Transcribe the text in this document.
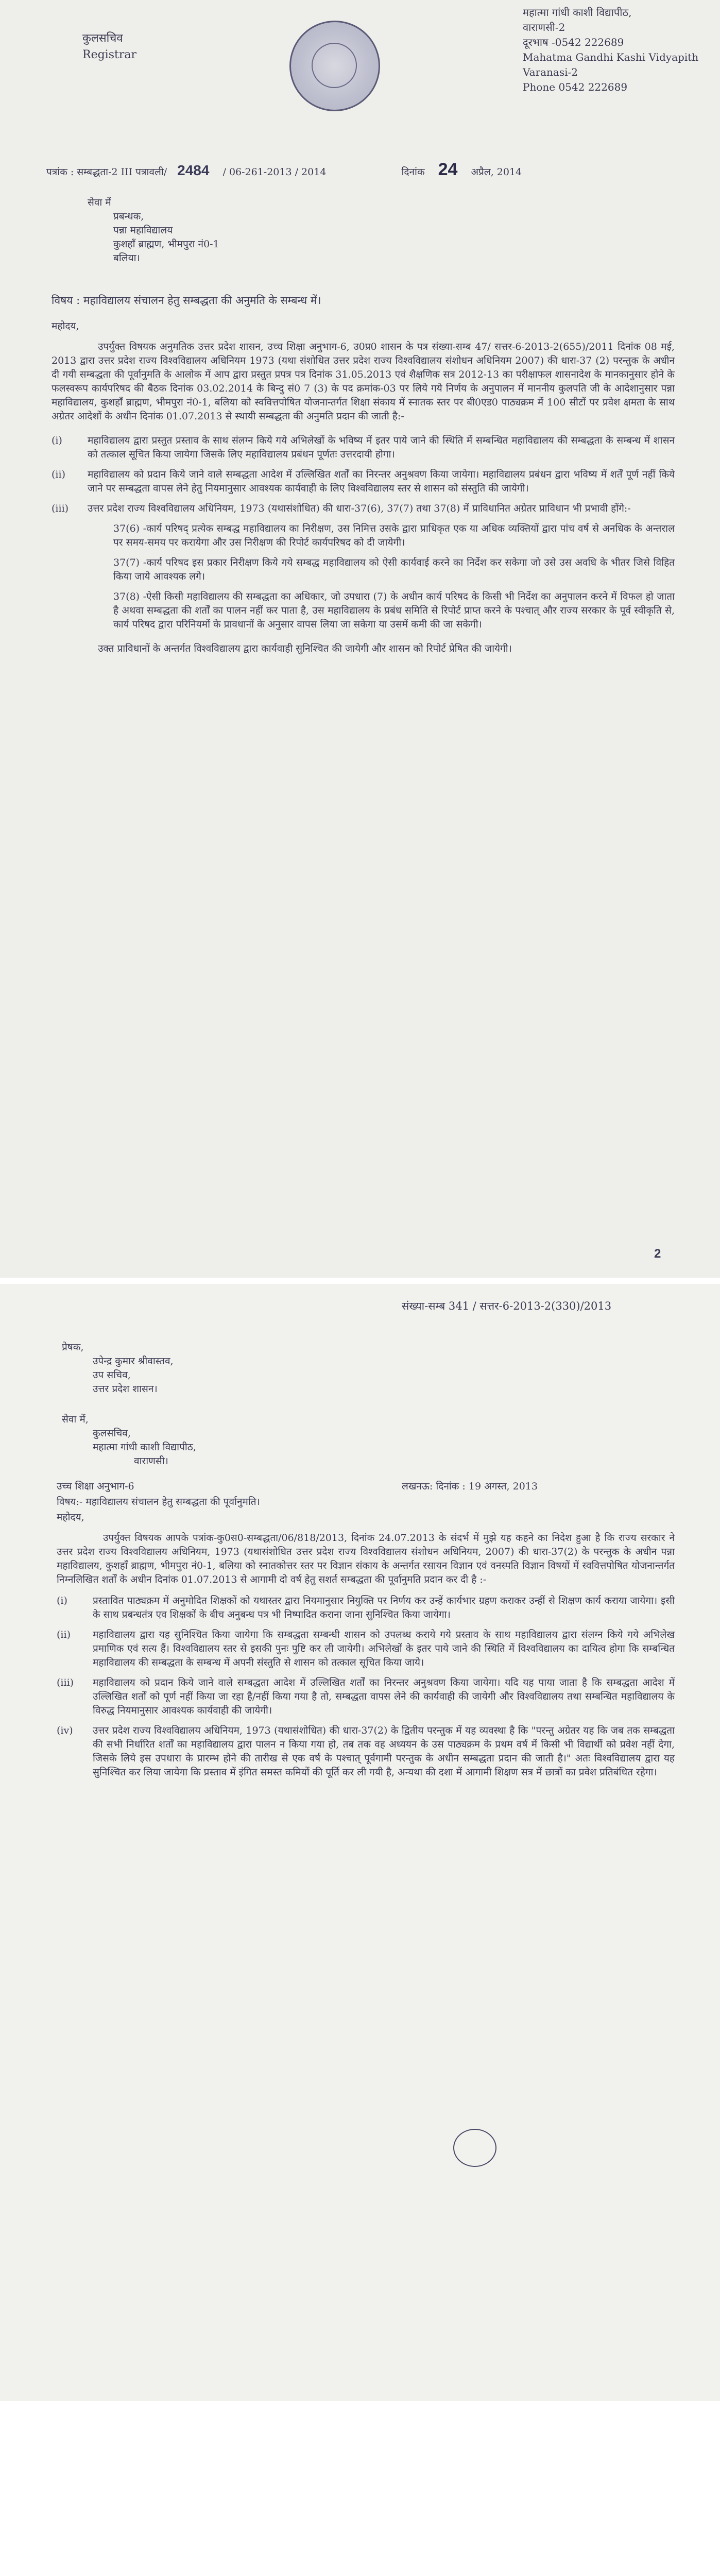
कुलसचिव
Registrar
महात्मा गांधी काशी विद्यापीठ,
वाराणसी-2
दूरभाष -0542 222689
Mahatma Gandhi Kashi Vidyapith
Varanasi-2
Phone 0542 222689
पत्रांक : सम्बद्धता-2 III पत्रावली/ 2484 / 06-261-2013 / 2014	दिनांक 24 अप्रैल, 2014
सेवा में
प्रबन्धक,
पन्ना महाविद्यालय
कुशहाँ ब्राह्मण, भीमपुरा नं0-1
बलिया।
विषय : महाविद्यालय संचालन हेतु सम्बद्धता की अनुमति के सम्बन्ध में।
महोदय,

उपर्युक्त विषयक अनुमतिक उत्तर प्रदेश शासन, उच्च शिक्षा अनुभाग-6, उ0प्र0 शासन के पत्र संख्या-सम्ब 47/ सत्तर-6-2013-2(655)/2011 दिनांक 08 मई, 2013 द्वारा उत्तर प्रदेश राज्य विश्वविद्यालय अधिनियम 1973 (यथा संशोधित उत्तर प्रदेश राज्य विश्वविद्यालय संशोधन अधिनियम 2007) की धारा-37 (2) परन्तुक के अधीन दी गयी सम्बद्धता की पूर्वानुमति के आलोक में आप द्वारा प्रस्तुत प्रपत्र पत्र दिनांक 31.05.2013 एवं शैक्षणिक सत्र 2012-13 का परीक्षाफल शासनादेश के मानकानुसार होने के फलस्वरूप कार्यपरिषद की बैठक दिनांक 03.02.2014 के बिन्दु सं0 7 (3) के पद क्रमांक-03 पर लिये गये निर्णय के अनुपालन में माननीय कुलपति जी के आदेशानुसार पन्ना महाविद्यालय, कुशहाँ ब्राह्मण, भीमपुरा नं0-1, बलिया को स्ववित्तपोषित योजनान्तर्गत शिक्षा संकाय में स्नातक स्तर पर बी0एड0 पाठ्यक्रम में 100 सीटों पर प्रवेश क्षमता के साथ अग्रेतर आदेशों के अधीन दिनांक 01.07.2013 से स्थायी सम्बद्धता की अनुमति प्रदान की जाती है:-

(i)	महाविद्यालय द्वारा प्रस्तुत प्रस्ताव के साथ संलग्न किये गये अभिलेखों के भविष्य में इतर पाये जाने की स्थिति में सम्बन्धित महाविद्यालय की सम्बद्धता के सम्बन्ध में शासन को तत्काल सूचित किया जायेगा जिसके लिए महाविद्यालय प्रबंधन पूर्णतः उत्तरदायी होगा।
(ii)	महाविद्यालय को प्रदान किये जाने वाले सम्बद्धता आदेश में उल्लिखित शर्तों का निरन्तर अनुश्रवण किया जायेगा। महाविद्यालय प्रबंधन द्वारा भविष्य में शर्तें पूर्ण नहीं किये जाने पर सम्बद्धता वापस लेने हेतु नियमानुसार आवश्यक कार्यवाही के लिए विश्वविद्यालय स्तर से शासन को संस्तुति की जायेगी।
(iii)	उत्तर प्रदेश राज्य विश्वविद्यालय अधिनियम, 1973 (यथासंशोधित) की धारा-37(6), 37(7) तथा 37(8) में प्राविधानित अग्रेतर प्राविधान भी प्रभावी होंगे:-

37(6) -कार्य परिषद् प्रत्येक सम्बद्ध महाविद्यालय का निरीक्षण, उस निमित्त उसके द्वारा प्राधिकृत एक या अधिक व्यक्तियों द्वारा पांच वर्ष से अनधिक के अन्तराल पर समय-समय पर करायेगा और उस निरीक्षण की रिपोर्ट कार्यपरिषद को दी जायेगी।

37(7) -कार्य परिषद इस प्रकार निरीक्षण किये गये सम्बद्ध महाविद्यालय को ऐसी कार्यवाई करने का निर्देश कर सकेगा जो उसे उस अवधि के भीतर जिसे विहित किया जाये आवश्यक लगे।

37(8) -ऐसी किसी महाविद्यालय की सम्बद्धता का अधिकार, जो उपधारा (7) के अधीन कार्य परिषद के किसी भी निर्देश का अनुपालन करने में विफल हो जाता है अथवा सम्बद्धता की शर्तों का पालन नहीं कर पाता है, उस महाविद्यालय के प्रबंध समिति से रिपोर्ट प्राप्त करने के पश्चात् और राज्य सरकार के पूर्व स्वीकृति से, कार्य परिषद द्वारा परिनियमों के प्रावधानों के अनुसार वापस लिया जा सकेगा या उसमें कमी की जा सकेगी।

उक्त प्राविधानों के अन्तर्गत विश्वविद्यालय द्वारा कार्यवाही सुनिश्चित की जायेगी और शासन को रिपोर्ट प्रेषित की जायेगी।

2
संख्या-सम्ब 341 / सत्तर-6-2013-2(330)/2013
प्रेषक,
उपेन्द्र कुमार श्रीवास्तव,
उप सचिव,
उत्तर प्रदेश शासन।
सेवा में,
कुलसचिव,
महात्मा गांधी काशी विद्यापीठ,
वाराणसी।
उच्च शिक्षा अनुभाग-6	लखनऊ: दिनांक : 19 अगस्त, 2013
विषय:- महाविद्यालय संचालन हेतु सम्बद्धता की पूर्वानुमति।
महोदय,

उपर्युक्त विषयक आपके पत्रांक-कु0स0-सम्बद्धता/06/818/2013, दिनांक 24.07.2013 के संदर्भ में मुझे यह कहने का निदेश हुआ है कि राज्य सरकार ने उत्तर प्रदेश राज्य विश्वविद्यालय अधिनियम, 1973 (यथासंशोधित उत्तर प्रदेश राज्य विश्वविद्यालय संशोधन अधिनियम, 2007) की धारा-37(2) के परन्तुक के अधीन पन्ना महाविद्यालय, कुशहाँ ब्राह्मण, भीमपुरा नं0-1, बलिया को स्नातकोत्तर स्तर पर विज्ञान संकाय के अन्तर्गत रसायन विज्ञान एवं वनस्पति विज्ञान विषयों में स्ववित्तपोषित योजनान्तर्गत निम्नलिखित शर्तों के अधीन दिनांक 01.07.2013 से आगामी दो वर्ष हेतु सशर्त सम्बद्धता की पूर्वानुमति प्रदान कर दी है :-

(i)	प्रस्तावित पाठ्यक्रम में अनुमोदित शिक्षकों को यथास्तर द्वारा नियमानुसार नियुक्ति पर निर्णय कर उन्हें कार्यभार ग्रहण कराकर उन्हीं से शिक्षण कार्य कराया जायेगा। इसी के साथ प्रबन्धतंत्र एव शिक्षकों के बीच अनुबन्ध पत्र भी निष्पादित कराना जाना सुनिश्चित किया जायेगा।
(ii)	महाविद्यालय द्वारा यह सुनिश्चित किया जायेगा कि सम्बद्धता सम्बन्धी शासन को उपलब्ध कराये गये प्रस्ताव के साथ महाविद्यालय द्वारा संलग्न किये गये अभिलेख प्रमाणिक एवं सत्य हैं। विश्वविद्यालय स्तर से इसकी पुनः पुष्टि कर ली जायेगी। अभिलेखों के इतर पाये जाने की स्थिति में विश्वविद्यालय का दायित्व होगा कि सम्बन्धित महाविद्यालय की सम्बद्धता के सम्बन्ध में अपनी संस्तुति से शासन को तत्काल सूचित किया जाये।
(iii)	महाविद्यालय को प्रदान किये जाने वाले सम्बद्धता आदेश में उल्लिखित शर्तों का निरन्तर अनुश्रवण किया जायेगा। यदि यह पाया जाता है कि सम्बद्धता आदेश में उल्लिखित शर्तों को पूर्ण नहीं किया जा रहा है/नहीं किया गया है तो, सम्बद्धता वापस लेने की कार्यवाही की जायेगी और विश्वविद्यालय तथा सम्बन्धित महाविद्यालय के विरुद्ध नियमानुसार आवश्यक कार्यवाही की जायेगी।
(iv)	उत्तर प्रदेश राज्य विश्वविद्यालय अधिनियम, 1973 (यथासंशोधित) की धारा-37(2) के द्वितीय परन्तुक में यह व्यवस्था है कि "परन्तु अग्रेतर यह कि जब तक सम्बद्धता की सभी निर्धारित शर्तों का महाविद्यालय द्वारा पालन न किया गया हो, तब तक वह अध्ययन के उस पाठ्यक्रम के प्रथम वर्ष में किसी भी विद्यार्थी को प्रवेश नहीं देगा, जिसके लिये इस उपधारा के प्रारम्भ होने की तारीख से एक वर्ष के पश्चात् पूर्वगामी परन्तुक के अधीन सम्बद्धता प्रदान की जाती है।" अतः विश्वविद्यालय द्वारा यह सुनिश्चित कर लिया जायेगा कि प्रस्ताव में इंगित समस्त कमियों की पूर्ति कर ली गयी है, अन्यथा की दशा में आगामी शिक्षण सत्र में छात्रों का प्रवेश प्रतिबंधित रहेगा।
